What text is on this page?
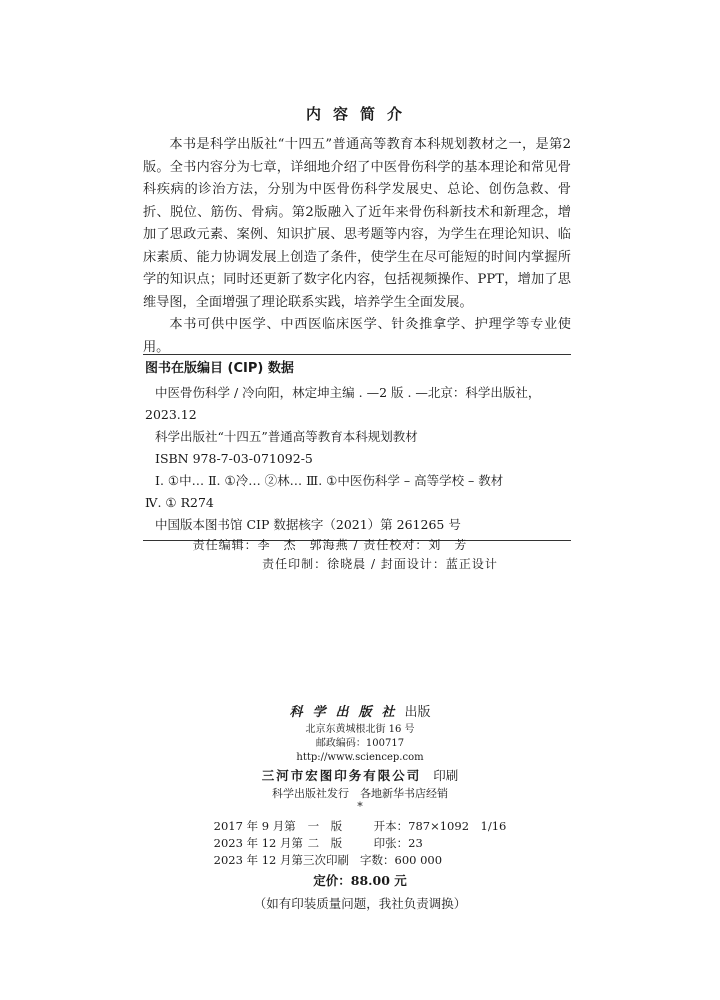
内容简介

本书是科学出版社“十四五”普通高等教育本科规划教材之一，是第2版。全书内容分为七章，详细地介绍了中医骨伤科学的基本理论和常见骨科疾病的诊治方法，分别为中医骨伤科学发展史、总论、创伤急救、骨折、脱位、筋伤、骨病。第2版融入了近年来骨伤科新技术和新理念，增加了思政元素、案例、知识扩展、思考题等内容，为学生在理论知识、临床素质、能力协调发展上创造了条件，使学生在尽可能短的时间内掌握所学的知识点；同时还更新了数字化内容，包括视频操作、PPT，增加了思维导图，全面增强了理论联系实践，培养学生全面发展。

本书可供中医学、中西医临床医学、针灸推拿学、护理学等专业使用。

图书在版编目 (CIP) 数据
中医骨伤科学 / 冷向阳，林定坤主编 . —2 版 . —北京：科学出版社，
2023.12
科学出版社“十四五”普通高等教育本科规划教材
ISBN 978-7-03-071092-5
Ⅰ. ①中… Ⅱ. ①冷… ②林… Ⅲ. ①中医伤科学 – 高等学校 – 教材
Ⅳ. ① R274
中国版本图书馆 CIP 数据核字（2021）第 261265 号
责任编辑：李　杰　郭海燕 / 责任校对：刘　芳
责任印制：徐晓晨 / 封面设计：蓝正设计
科学出版社出版
北京东黄城根北街 16 号
邮政编码：100717
http://www.sciencep.com
三河市宏图印务有限公司 印刷
科学出版社发行　各地新华书店经销
*
2017 年 9 月第 一　版	开本：787×1092　1/16
2023 年 12 月第 二　版	印张：23
2023 年 12 月第三次印刷 字数：600 000
定价：88.00 元
（如有印装质量问题，我社负责调换）
